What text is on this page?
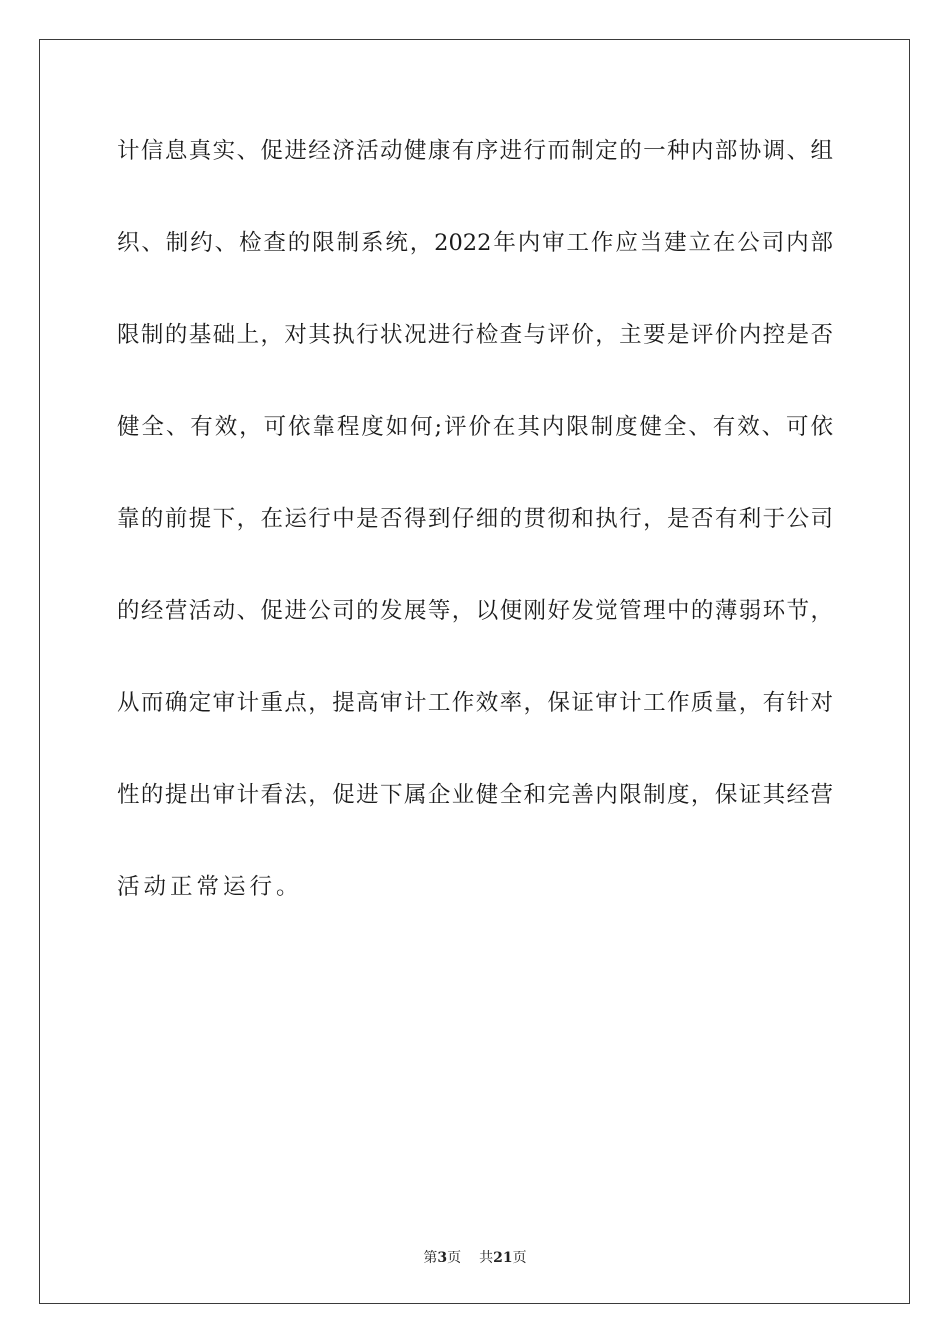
计信息真实、促进经济活动健康有序进行而制定的一种内部协调、组
织、制约、检查的限制系统，2022年内审工作应当建立在公司内部
限制的基础上，对其执行状况进行检查与评价，主要是评价内控是否
健全、有效，可依靠程度如何;评价在其内限制度健全、有效、可依
靠的前提下，在运行中是否得到仔细的贯彻和执行，是否有利于公司
的经营活动、促进公司的发展等，以便刚好发觉管理中的薄弱环节，
从而确定审计重点，提高审计工作效率，保证审计工作质量，有针对
性的提出审计看法，促进下属企业健全和完善内限制度，保证其经营
活动正常运行。
第3页 共21页
